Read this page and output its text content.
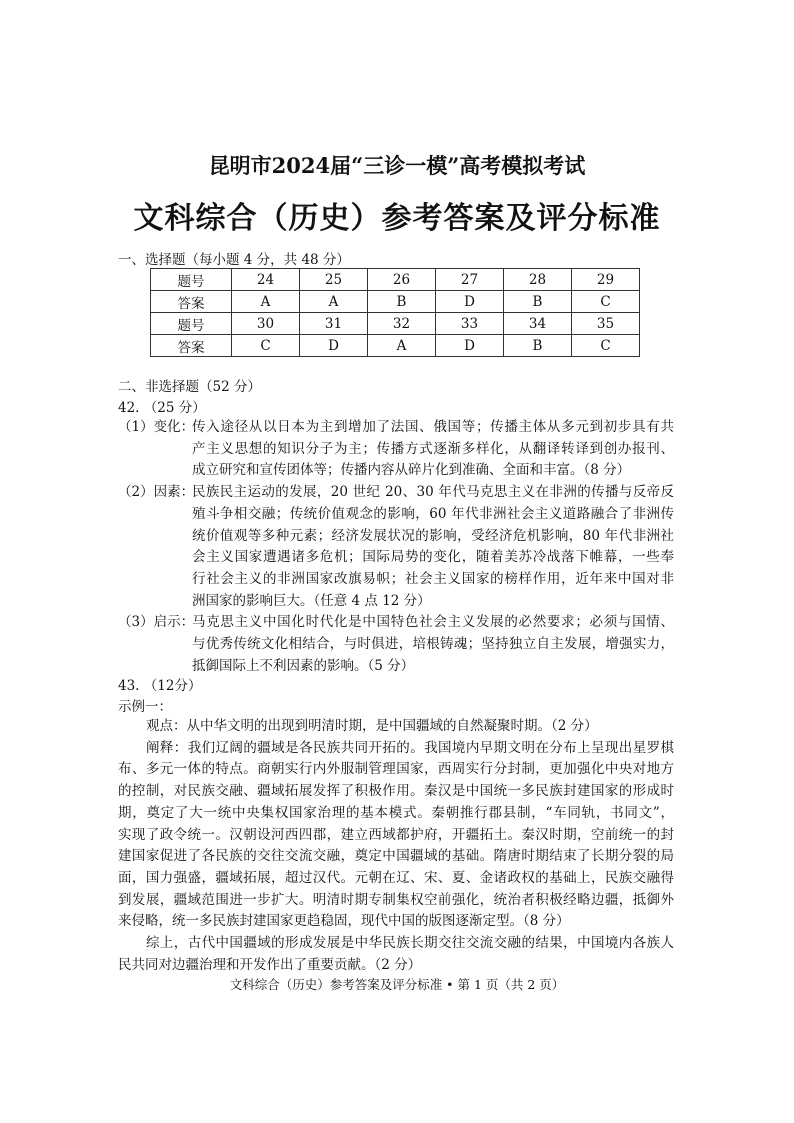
昆明市2024届“三诊一模”高考模拟考试
文科综合（历史）参考答案及评分标准
一、选择题（每小题 4 分，共 48 分）
题号	24	25	26	27	28	29
答案	A	A	B	D	B	C
题号	30	31	32	33	34	35
答案	C	D	A	D	B	C
二、非选择题（52 分）
42. （25 分）
（1）变化：
传入途径从以日本为主到增加了法国、俄国等；传播主体从多元到初步具有共
产主义思想的知识分子为主；传播方式逐渐多样化，从翻译转译到创办报刊、
成立研究和宣传团体等；传播内容从碎片化到准确、全面和丰富。（8 分）
（2）因素：
民族民主运动的发展，20 世纪 20、30 年代马克思主义在非洲的传播与反帝反
殖斗争相交融；传统价值观念的影响，60 年代非洲社会主义道路融合了非洲传
统价值观等多种元素；经济发展状况的影响，受经济危机影响，80 年代非洲社
会主义国家遭遇诸多危机；国际局势的变化，随着美苏冷战落下帷幕，一些奉
行社会主义的非洲国家改旗易帜；社会主义国家的榜样作用，近年来中国对非
洲国家的影响巨大。（任意 4 点 12 分）
（3）启示：
马克思主义中国化时代化是中国特色社会主义发展的必然要求；必须与国情、
与优秀传统文化相结合，与时俱进，培根铸魂；坚持独立自主发展，增强实力，
抵御国际上不利因素的影响。（5 分）
43. （12分）
示例一：
观点：从中华文明的出现到明清时期，是中国疆域的自然凝聚时期。（2 分）
阐释：我们辽阔的疆域是各民族共同开拓的。我国境内早期文明在分布上呈现出星罗棋
布、多元一体的特点。商朝实行内外服制管理国家，西周实行分封制，更加强化中央对地方
的控制，对民族交融、疆域拓展发挥了积极作用。秦汉是中国统一多民族封建国家的形成时
期，奠定了大一统中央集权国家治理的基本模式。秦朝推行郡县制，“车同轨，书同文”，
实现了政令统一。汉朝设河西四郡，建立西域都护府，开疆拓土。秦汉时期，空前统一的封
建国家促进了各民族的交往交流交融，奠定中国疆域的基础。隋唐时期结束了长期分裂的局
面，国力强盛，疆域拓展，超过汉代。元朝在辽、宋、夏、金诸政权的基础上，民族交融得
到发展，疆域范围进一步扩大。明清时期专制集权空前强化，统治者积极经略边疆，抵御外
来侵略，统一多民族封建国家更趋稳固，现代中国的版图逐渐定型。（8 分）
综上，古代中国疆域的形成发展是中华民族长期交往交流交融的结果，中国境内各族人
民共同对边疆治理和开发作出了重要贡献。（2 分）
文科综合（历史）参考答案及评分标准 • 第 1 页（共 2 页）
